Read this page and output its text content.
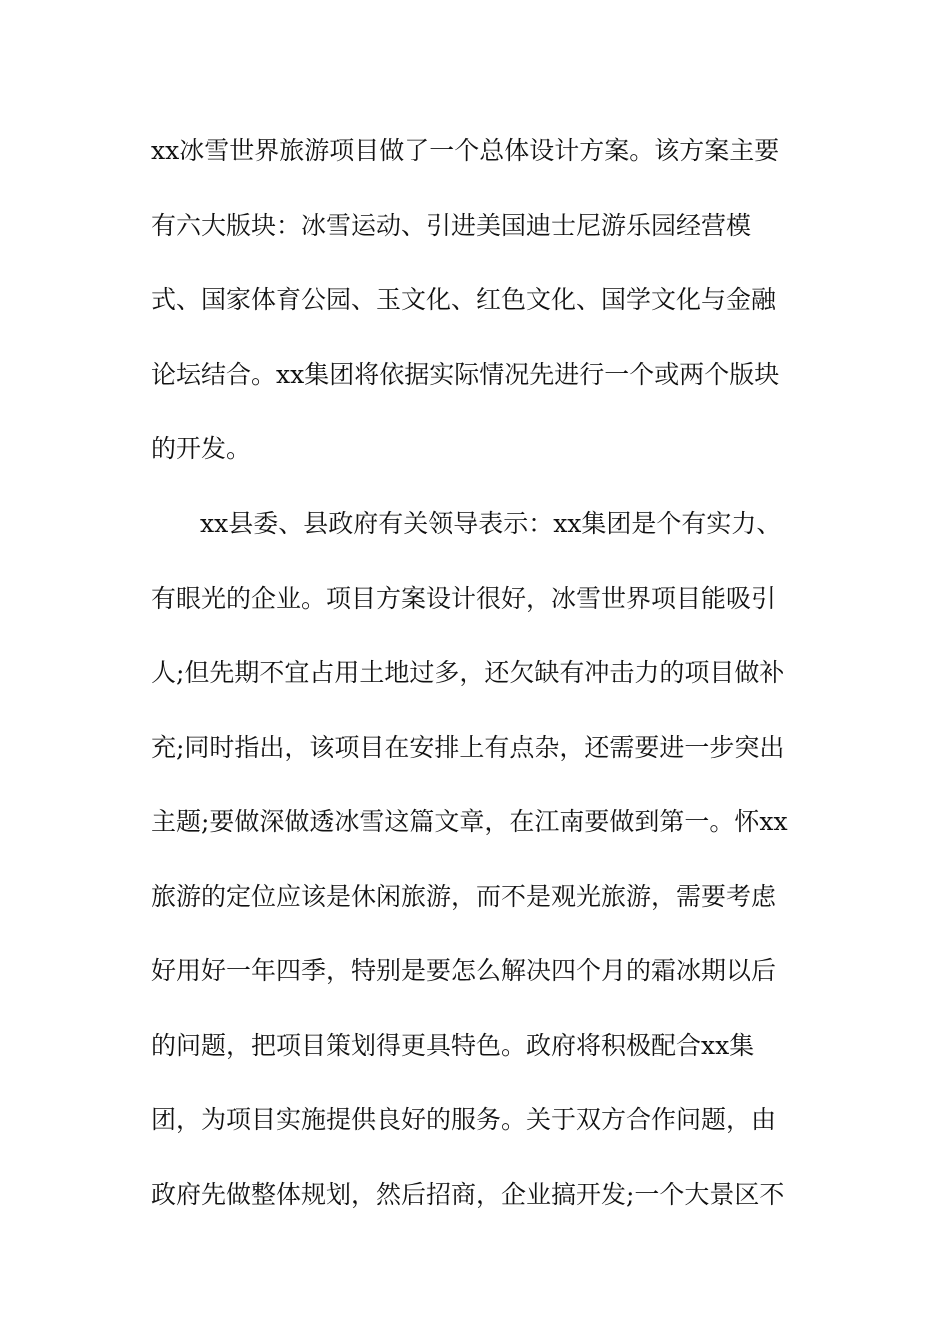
xx冰雪世界旅游项目做了一个总体设计方案。该方案主要
有六大版块：冰雪运动、引进美国迪士尼游乐园经营模
式、国家体育公园、玉文化、红色文化、国学文化与金融
论坛结合。xx集团将依据实际情况先进行一个或两个版块
的开发。
xx县委、县政府有关领导表示：xx集团是个有实力、
有眼光的企业。项目方案设计很好，冰雪世界项目能吸引
人;但先期不宜占用土地过多，还欠缺有冲击力的项目做补
充;同时指出，该项目在安排上有点杂，还需要进一步突出
主题;要做深做透冰雪这篇文章，在江南要做到第一。怀xx
旅游的定位应该是休闲旅游，而不是观光旅游，需要考虑
好用好一年四季，特别是要怎么解决四个月的霜冰期以后
的问题，把项目策划得更具特色。政府将积极配合xx集
团，为项目实施提供良好的服务。关于双方合作问题，由
政府先做整体规划，然后招商，企业搞开发;一个大景区不
